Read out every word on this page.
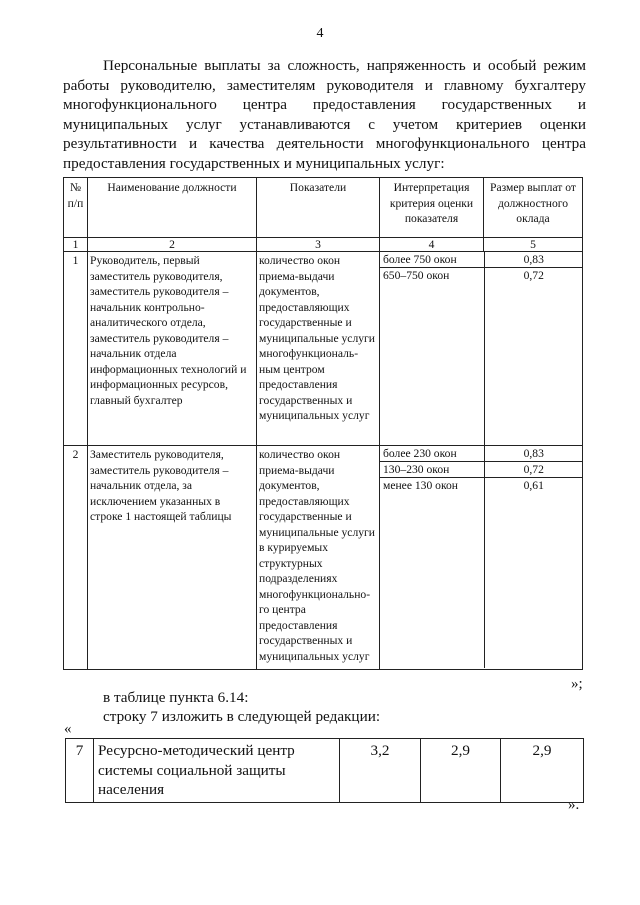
4
Персональные выплаты за сложность, напряженность и особый режим работы руководителю, заместителям руководителя и главному бухгалтеру многофункционального центра предоставления государственных и муниципальных услуг устанавливаются с учетом критериев оценки результативности и качества деятельности многофункционального центра предоставления государственных и муниципальных услуг:
№ п/п	Наименование должности	Показатели	Интерпретация критерия оценки показателя	Размер выплат от должностного оклада
1	2	3	4	5
1	Руководитель, первый заместитель руководителя, заместитель руководителя – начальник контрольно-аналитического отдела, заместитель руководителя – начальник отдела информационных технологий и информационных ресурсов, главный бухгалтер	количество окон приема-выдачи документов, предоставляющих государственные и муниципальные услуги многофункциональ-ным центром предоставления государственных и муниципальных услуг	
более 750 окон	0,83
650–750 окон	0,72

2	Заместитель руководителя, заместитель руководителя – начальник отдела, за исключением указанных в строке 1 настоящей таблицы	количество окон приема-выдачи документов, предоставляющих государственные и муниципальные услуги в курируемых структурных подразделениях многофункционально-го центра предоставления государственных и муниципальных услуг	
более 230 окон	0,83
130–230 окон	0,72
менее 130 окон	0,61
»;
в таблице пункта 6.14:
строку 7 изложить в следующей редакции:
«
7	Ресурсно-методический центр системы социальной защиты населения	3,2	2,9	2,9
».
